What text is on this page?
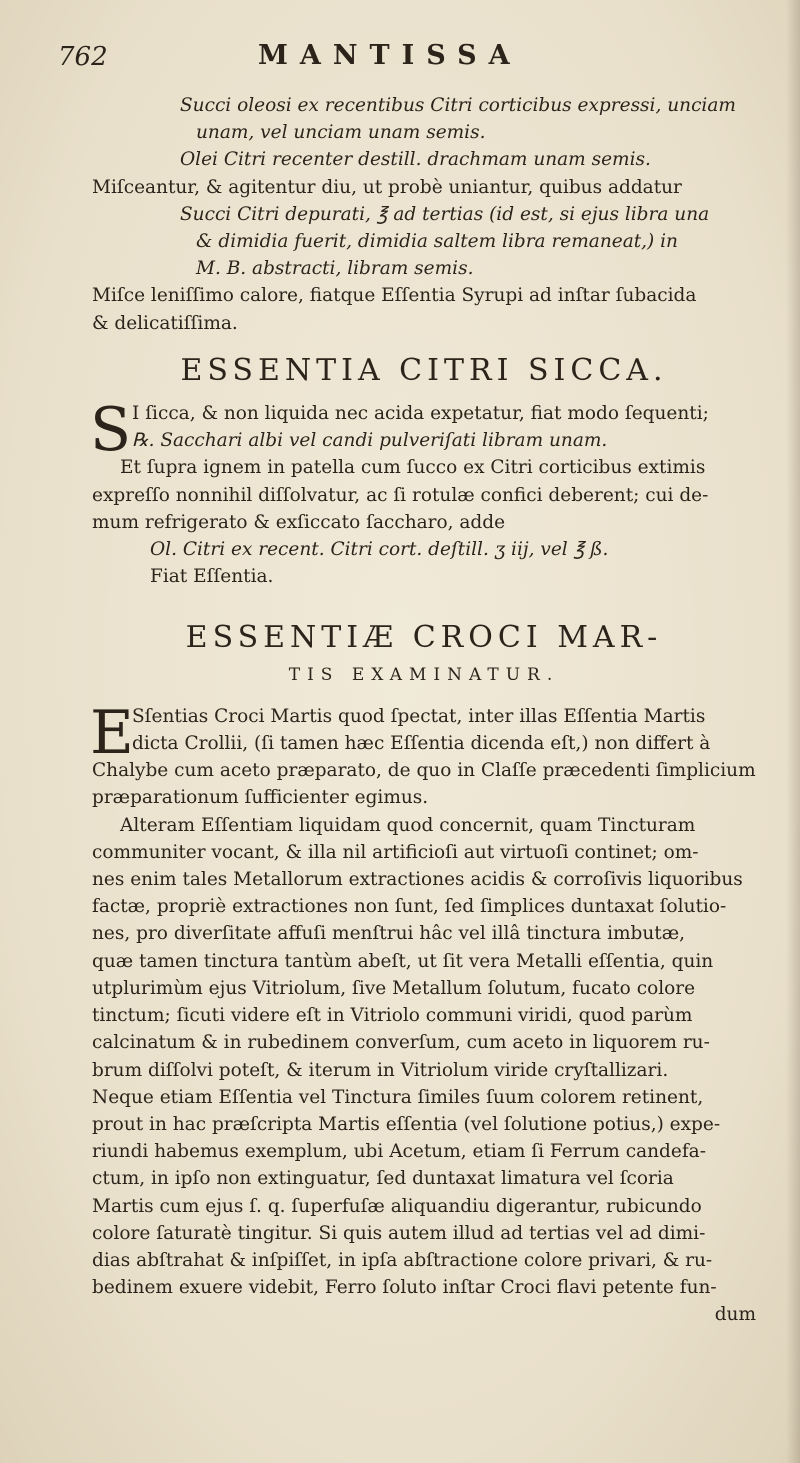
762	MANTISSA
Succi oleosi ex recentibus Citri corticibus expressi, unciam
unam, vel unciam unam semis.
Olei Citri recenter destill. drachmam unam semis.
Miſceantur, & agitentur diu, ut probè uniantur, quibus addatur
Succi Citri depurati, ℥ ad tertias (id est, si ejus libra una
& dimidia fuerit, dimidia saltem libra remaneat,) in
M. B. abstracti, libram semis.
Miſce leniſſimo calore, fiatque Eſſentia Syrupi ad inſtar ſubacida
& delicatiſſima.
ESSENTIA CITRI SICCA.
S I ſicca, & non liquida nec acida expetatur, fiat modo ſequenti;
℞. Sacchari albi vel candi pulveriſati libram unam.
Et ſupra ignem in patella cum ſucco ex Citri corticibus extimis
expreſſo nonnihil diſſolvatur, ac ſi rotulæ confici deberent; cui de-
mum refrigerato & exſiccato ſaccharo, adde
Ol. Citri ex recent. Citri cort. deſtill. ʒ iij, vel ℥ ß.
Fiat Eſſentia.
ESSENTIÆ CROCI MAR-
TIS EXAMINATUR.
E
Sſentias Croci Martis quod ſpectat, inter illas Eſſentia Martis
dicta Crollii, (ſi tamen hæc Eſſentia dicenda eſt,) non differt à
Chalybe cum aceto præparato, de quo in Claſſe præcedenti ſimplicium
præparationum ſufficienter egimus.
Alteram Eſſentiam liquidam quod concernit, quam Tincturam
communiter vocant, & illa nil artificioſi aut virtuoſi continet; om-
nes enim tales Metallorum extractiones acidis & corroſivis liquoribus
factæ, propriè extractiones non ſunt, ſed ſimplices duntaxat ſolutio-
nes, pro diverſitate affuſi menſtrui hâc vel illâ tinctura imbutæ,
quæ tamen tinctura tantùm abeſt, ut ſit vera Metalli eſſentia, quin
utplurimùm ejus Vitriolum, ſive Metallum ſolutum, fucato colore
tinctum; ſicuti videre eſt in Vitriolo communi viridi, quod parùm
calcinatum & in rubedinem converſum, cum aceto in liquorem ru-
brum diſſolvi poteſt, & iterum in Vitriolum viride cryſtallizari.
Neque etiam Eſſentia vel Tinctura ſimiles ſuum colorem retinent,
prout in hac præſcripta Martis eſſentia (vel ſolutione potius,) expe-
riundi habemus exemplum, ubi Acetum, etiam ſi Ferrum candefa-
ctum, in ipſo non extinguatur, ſed duntaxat limatura vel ſcoria
Martis cum ejus ſ. q. ſuperfuſæ aliquandiu digerantur, rubicundo
colore ſaturatè tingitur. Si quis autem illud ad tertias vel ad dimi-
dias abſtrahat & inſpiſſet, in ipſa abſtractione colore privari, & ru-
bedinem exuere videbit, Ferro ſoluto inſtar Croci flavi petente fun-
dum
